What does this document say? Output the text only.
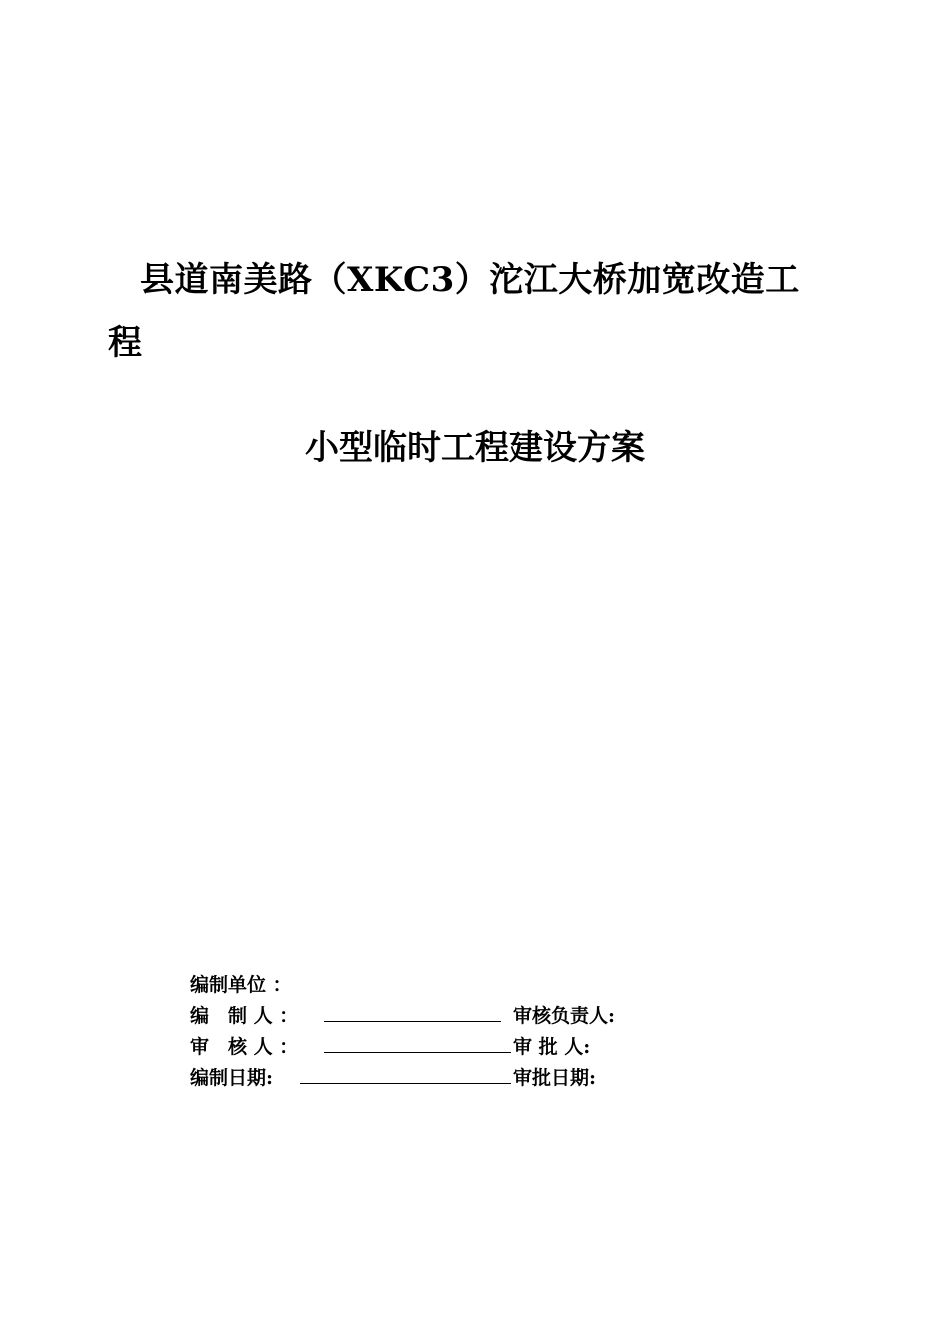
县道南美路（XKC3）沱江大桥加宽改造工
程
小型临时工程建设方案
编制单位 ：
编　制 人 ：	审核负责人:
审　核 人 ：	审 批 人:
编制日期:	审批日期:
